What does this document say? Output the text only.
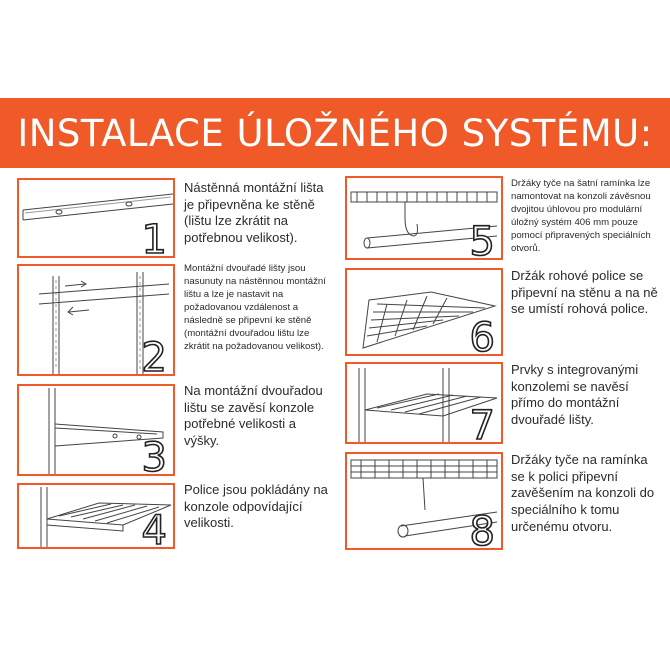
INSTALACE ÚLOŽNÉHO SYSTÉMU:
1
Nástěnná montážní lišta je připevněna ke stěně (lištu lze zkrátit na potřebnou velikost).
2
Montážní dvouřadé lišty jsou nasunuty na nástěnnou montážní lištu a lze je nastavit na požadovanou vzdálenost a následně se připevní ke stěně (montážní dvouřadou lištu lze zkrátit na požadovanou velikost).
3
Na montážní dvouřadou lištu se zavěsí konzole potřebné velikosti a výšky.
4
Police jsou pokládány na konzole odpovídající velikosti.
5
Držáky tyče na šatní ramínka lze namontovat na konzoli závěsnou dvojitou úhlovou pro modulární úložný systém 406 mm pouze pomocí připravených speciálních otvorů.
6
Držák rohové police se připevní na stěnu a na ně se umístí rohová police.
7
Prvky s integrovanými konzolemi se navěsí přímo do montážní dvouřadé lišty.
8
Držáky tyče na ramínka se k polici připevní zavěšením na konzoli do speciálního k tomu určenému otvoru.
